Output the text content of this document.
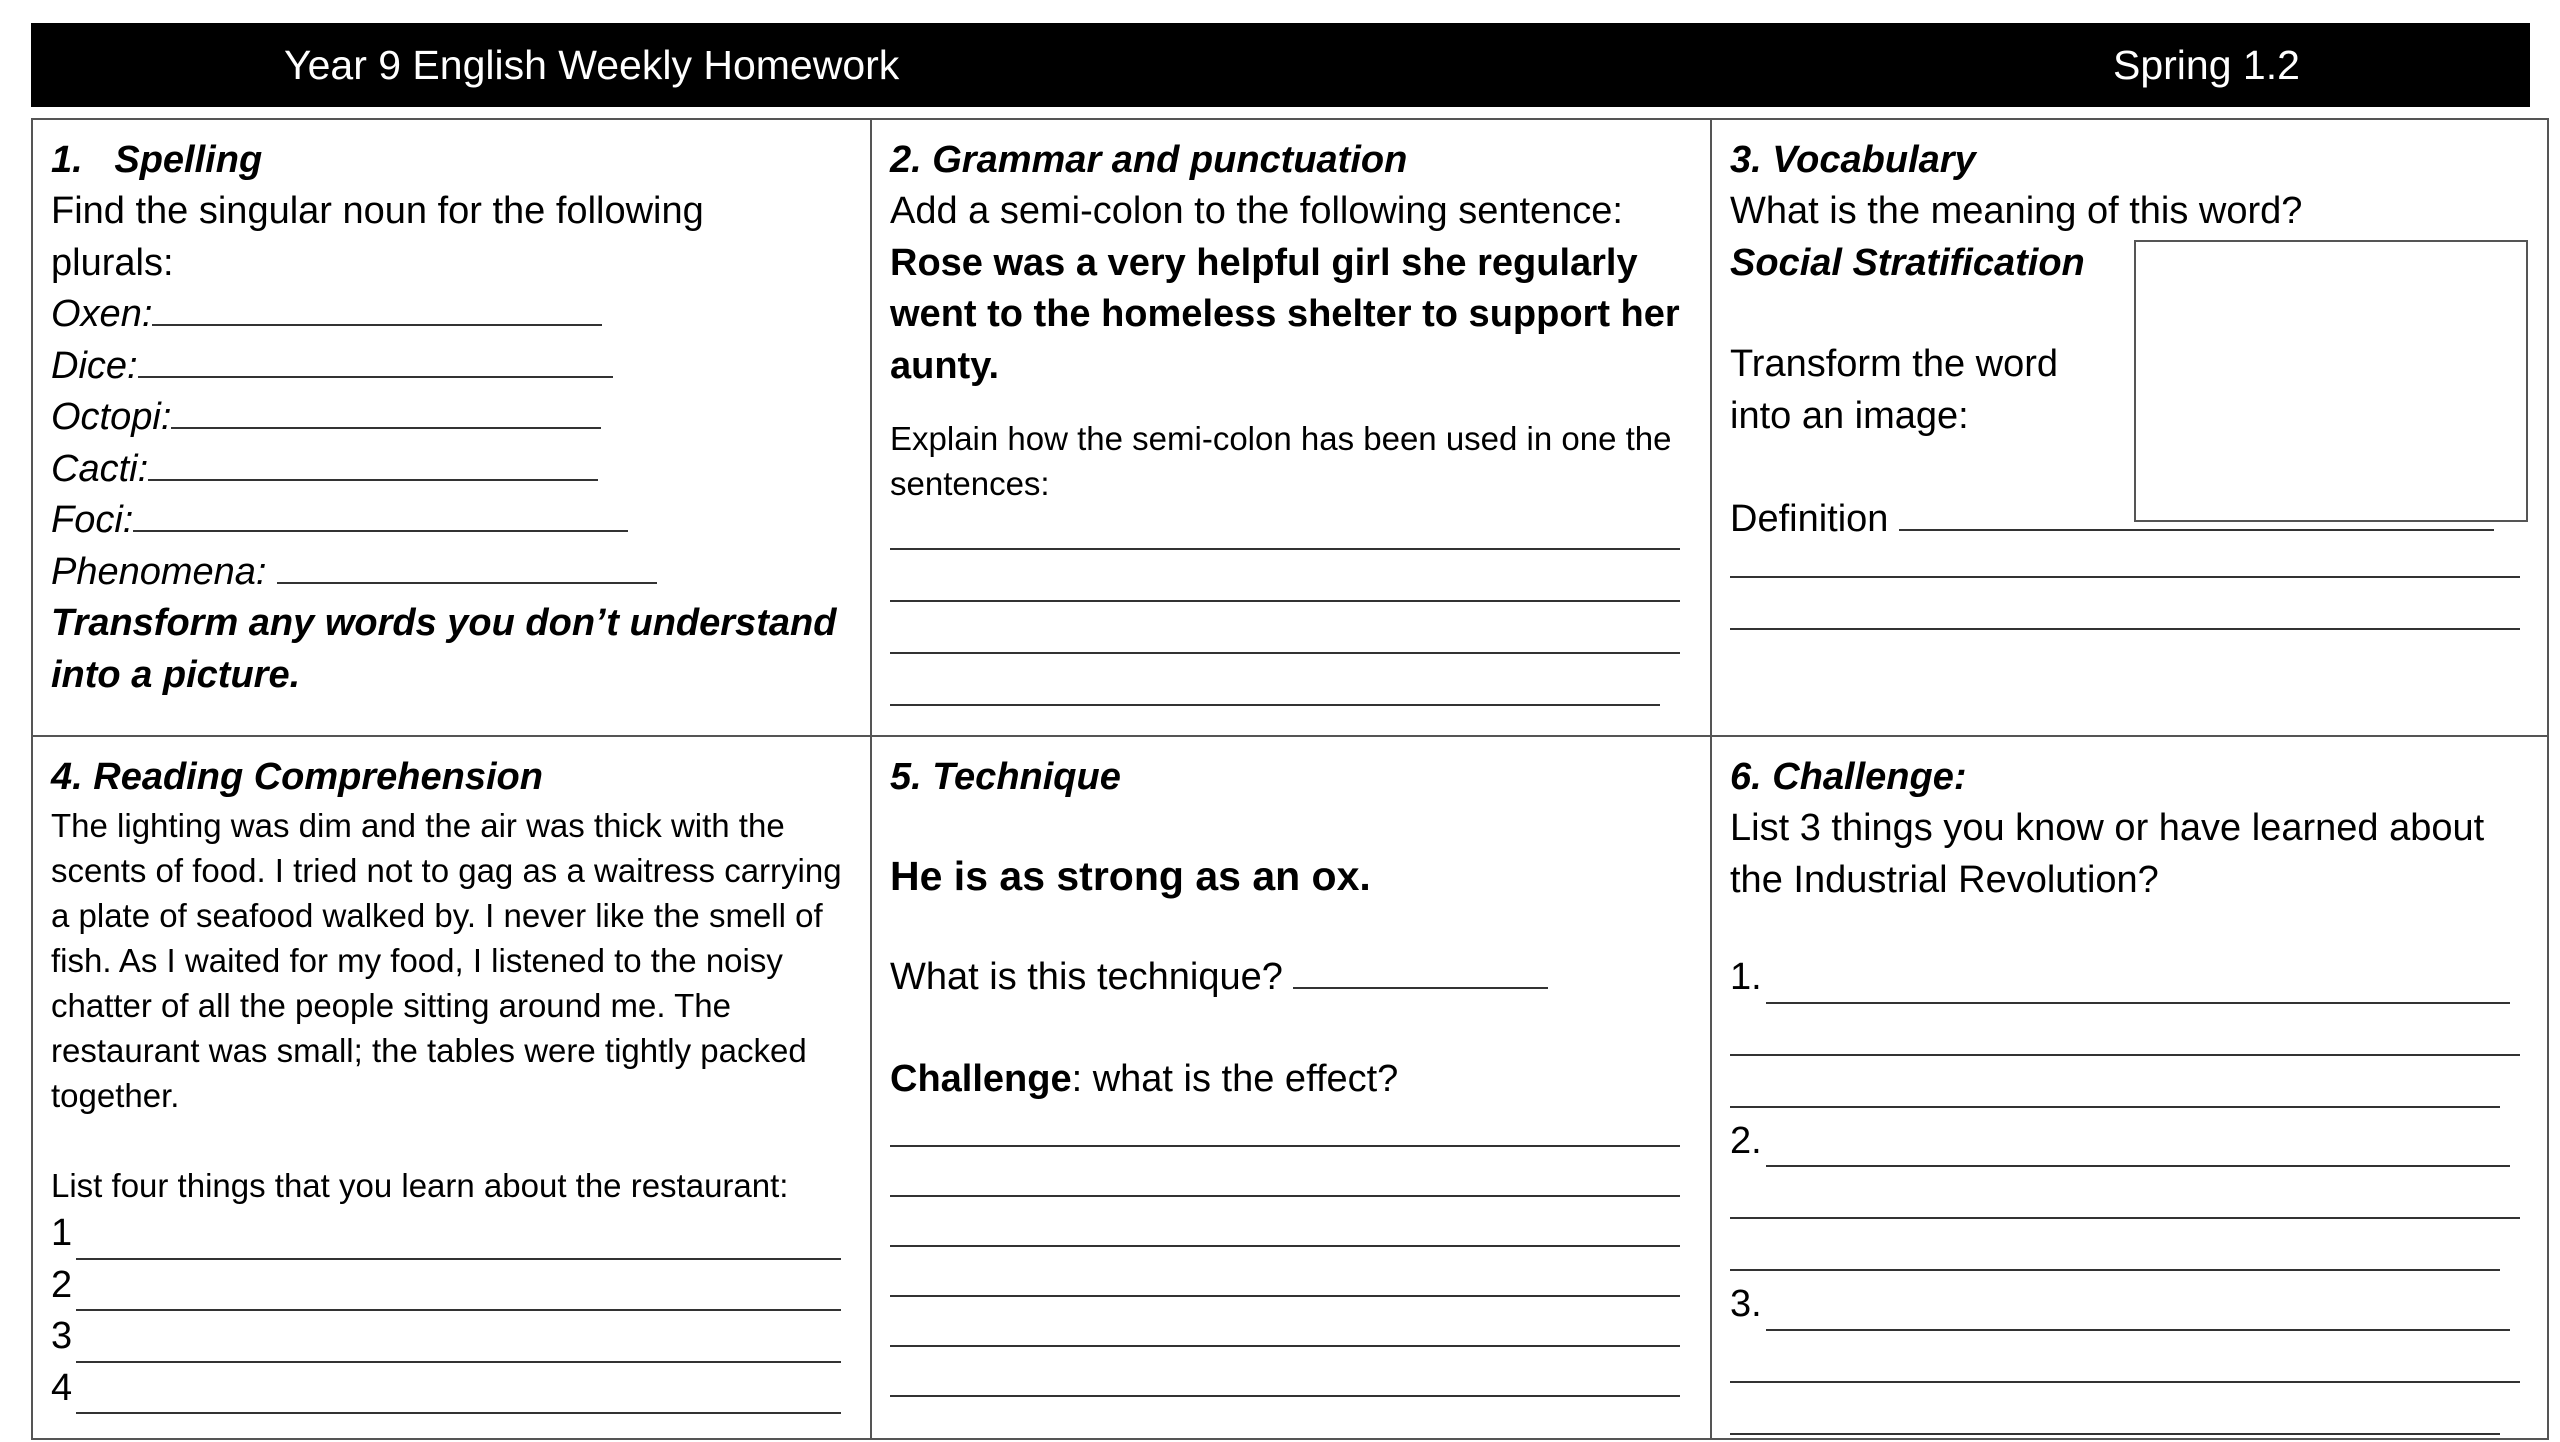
Year 9 English Weekly Homework	Spring 1.2
1.   Spelling
Find the singular noun for the following plurals:
Oxen:
Dice:
Octopi:
Cacti:
Foci:
Phenomena:
Transform any words you don’t understand into a picture.
2. Grammar and punctuation
Add a semi-colon to the following sentence:
Rose was a very helpful girl she regularly went to the homeless shelter to support her aunty.
Explain how the semi-colon has been used in one the sentences:
3. Vocabulary
What is the meaning of this word?
Social Stratification
Transform the word into an image:
Definition
4. Reading Comprehension
The lighting was dim and the air was thick with the scents of food. I tried not to gag as a waitress carrying a plate of seafood walked by. I never like the smell of fish. As I waited for my food, I listened to the noisy chatter of all the people sitting around me. The restaurant was small; the tables were tightly packed together.
List four things that you learn about the restaurant:
1
2
3
4
5. Technique
He is as strong as an ox.
What is this technique?
Challenge: what is the effect?
6. Challenge:
List 3 things you know or have learned about the Industrial Revolution?
1.
2.
3.
